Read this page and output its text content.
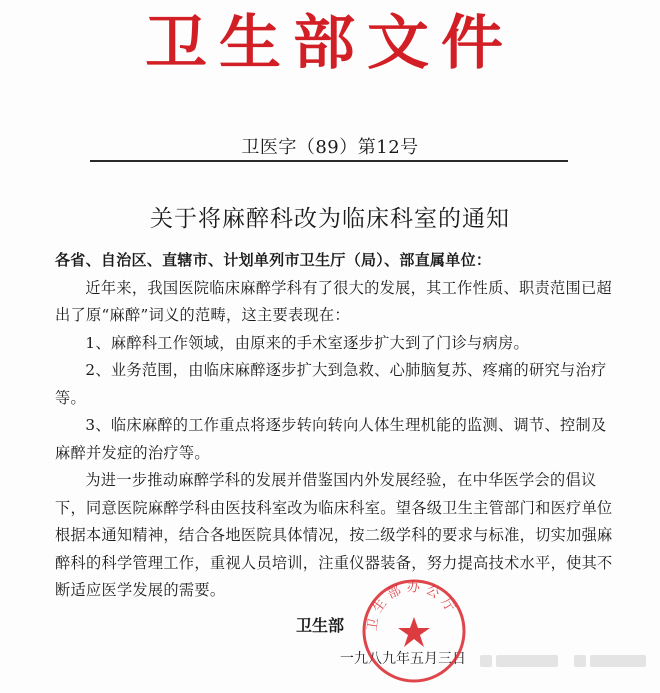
卫生部文件
卫医字（89）第12号
关于将麻醉科改为临床科室的通知
各省、自治区、直辖市、计划单列市卫生厅（局）、部直属单位：

近年来，我国医院临床麻醉学科有了很大的发展，其工作性质、职责范围已超出了原“麻醉”词义的范畴，这主要表现在：

1、麻醉科工作领域，由原来的手术室逐步扩大到了门诊与病房。

2、业务范围，由临床麻醉逐步扩大到急救、心肺脑复苏、疼痛的研究与治疗等。

3、临床麻醉的工作重点将逐步转向转向人体生理机能的监测、调节、控制及麻醉并发症的治疗等。

为进一步推动麻醉学科的发展并借鉴国内外发展经验，在中华医学会的倡议下，同意医院麻醉学科由医技科室改为临床科室。望各级卫生主管部门和医疗单位根据本通知精神，结合各地医院具体情况，按二级学科的要求与标准，切实加强麻醉科的科学管理工作，重视人员培训，注重仪器装备，努力提高技术水平，使其不断适应医学发展的需要。

卫生部
一九八九年五月三日
卫生部办公厅
